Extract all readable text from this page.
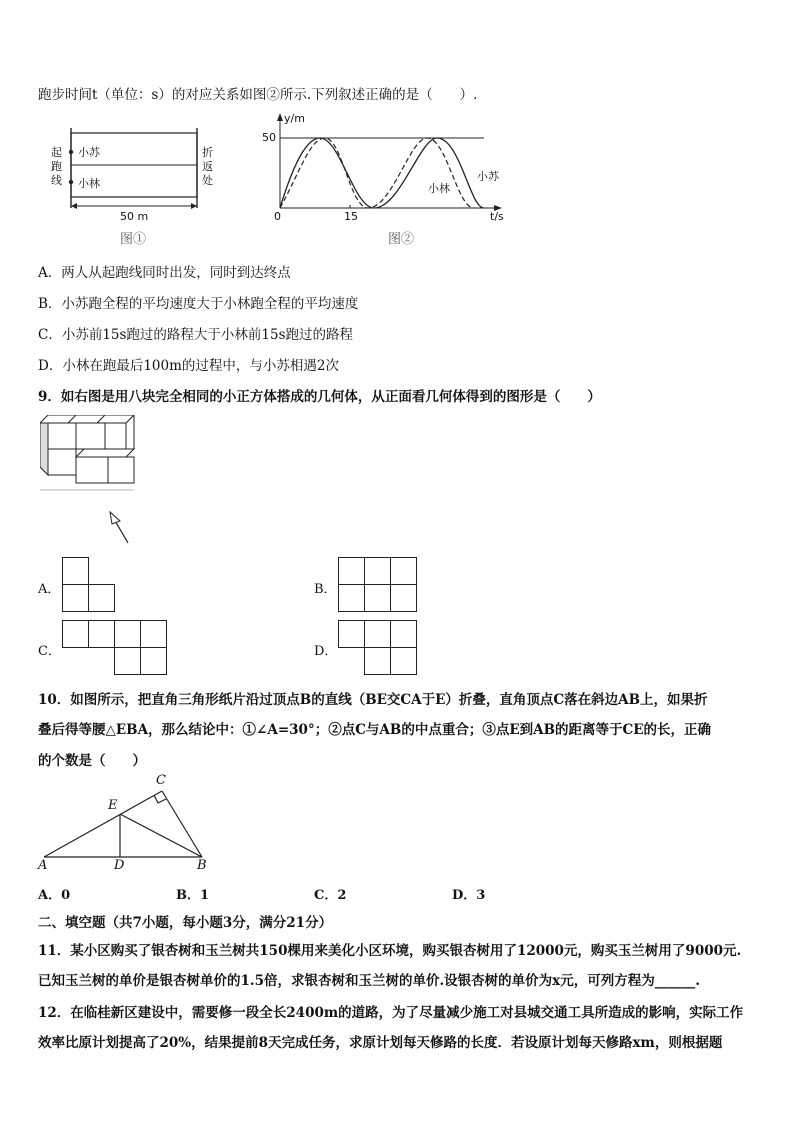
跑步时间t（单位：s）的对应关系如图②所示.下列叙述正确的是（　　）.
起跑线
折返处
小苏
小林
50 m
图①
y/m
50
0	15	t/s
小林
小苏
图②
A．两人从起跑线同时出发，同时到达终点
B．小苏跑全程的平均速度大于小林跑全程的平均速度
C．小苏前15s跑过的路程大于小林前15s跑过的路程
D．小林在跑最后100m的过程中，与小苏相遇2次
9．如右图是用八块完全相同的小正方体搭成的几何体，从正面看几何体得到的图形是（　　）
A．	B．
C．	D．
10．如图所示，把直角三角形纸片沿过顶点B的直线（BE交CA于E）折叠，直角顶点C落在斜边AB上，如果折
叠后得等腰△EBA，那么结论中：①∠A=30°；②点C与AB的中点重合；③点E到AB的距离等于CE的长，正确
的个数是（　　）
A	D	B
E
C
A．0	B．1	C．2	D．3
二、填空题（共7小题，每小题3分，满分21分）
11．某小区购买了银杏树和玉兰树共150棵用来美化小区环境，购买银杏树用了12000元，购买玉兰树用了9000元.
已知玉兰树的单价是银杏树单价的1.5倍，求银杏树和玉兰树的单价.设银杏树的单价为x元，可列方程为______.
12．在临桂新区建设中，需要修一段全长2400m的道路，为了尽量减少施工对县城交通工具所造成的影响，实际工作
效率比原计划提高了20%，结果提前8天完成任务，求原计划每天修路的长度．若设原计划每天修路xm，则根据题
